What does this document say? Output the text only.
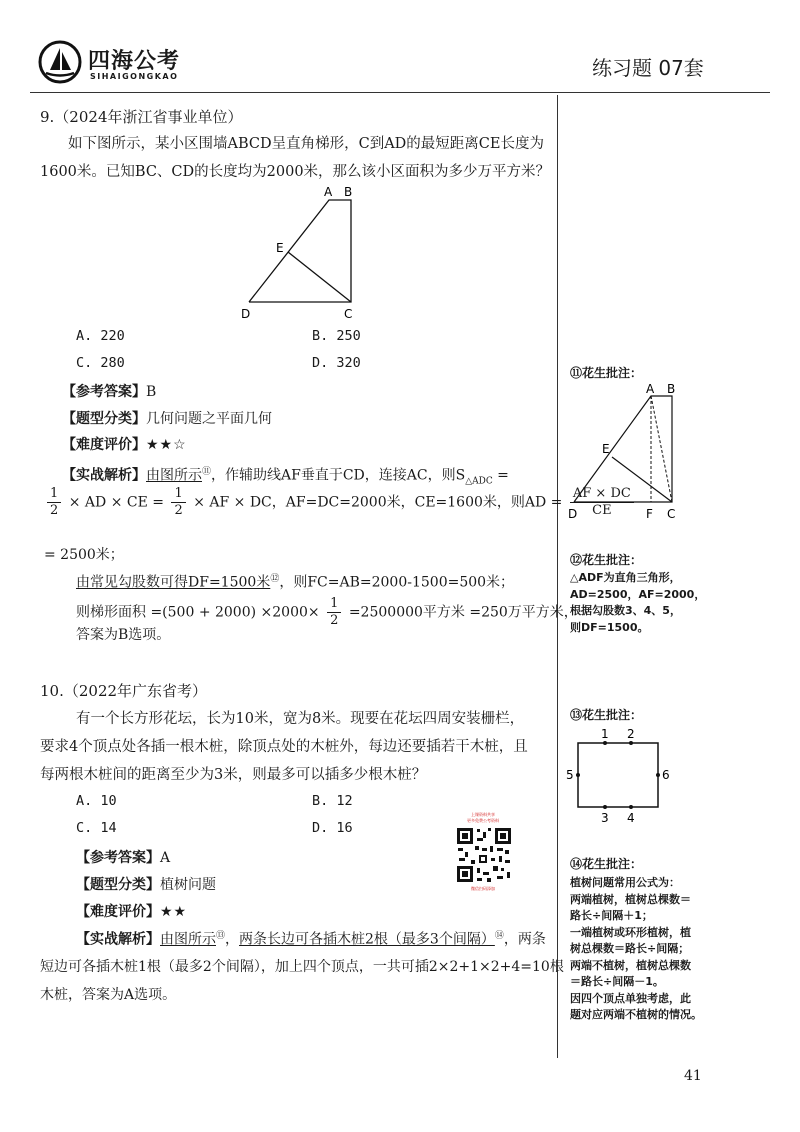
四海公考
SIHAIGONGKAO	练习题 07套
9.（2024年浙江省事业单位）
如下图所示，某小区围墙ABCD呈直角梯形，C到AD的最短距离CE长度为
1600米。已知BC、CD的长度均为2000米，那么该小区面积为多少万平方米？
A B
E
D	C
A. 220	B. 250
C. 280	D. 320
【参考答案】B
【题型分类】几何问题之平面几何
【难度评价】★★☆
【实战解析】由图所示⑪，作辅助线AF垂直于CD，连接AC，则$S_{\triangle ADC}$ =
$\frac{1}{2}$ × AD × CE = $\frac{1}{2}$ × AF × DC，AF=DC=2000米，CE=1600米，则AD = $\frac{AF \times DC}{CE}$
= 2500米；
由常见勾股数可得DF=1500米⑫，则FC=AB=2000-1500=500米；
则梯形面积 $=(500 + 2000) \times 2000\times \frac{1}{2} =2500000$平方米 =250万平方米，
答案为B选项。
10.（2022年广东省考）
有一个长方形花坛，长为10米，宽为8米。现要在花坛四周安装栅栏，
要求4个顶点处各插一根木桩，除顶点处的木桩外，每边还要插若干木桩，且
每两根木桩间的距离至少为3米，则最多可以插多少根木桩？
A. 10	B. 12
C. 14	D. 16
上课资料共享
更多免费公考资料
微信扫码添加
【参考答案】A
【题型分类】植树问题
【难度评价】★★
【实战解析】由图所示⑬，两条长边可各插木桩2根（最多3个间隔）⑭，两条
短边可各插木桩1根（最多2个间隔），加上四个顶点，一共可插2×2+1×2+4=10根
木桩，答案为A选项。
⑪花生批注：
A B
E
D	F C
⑫花生批注：
△ADF为直角三角形，
AD=2500，AF=2000，
根据勾股数3、4、5，
则DF=1500。
⑬花生批注：
1 2
3 4
5	6
⑭花生批注：
植树问题常用公式为：
两端植树，植树总棵数＝
路长÷间隔＋1；
一端植树或环形植树，植
树总棵数＝路长÷间隔；
两端不植树，植树总棵数
＝路长÷间隔－1。
因四个顶点单独考虑，此
题对应两端不植树的情况。
41
